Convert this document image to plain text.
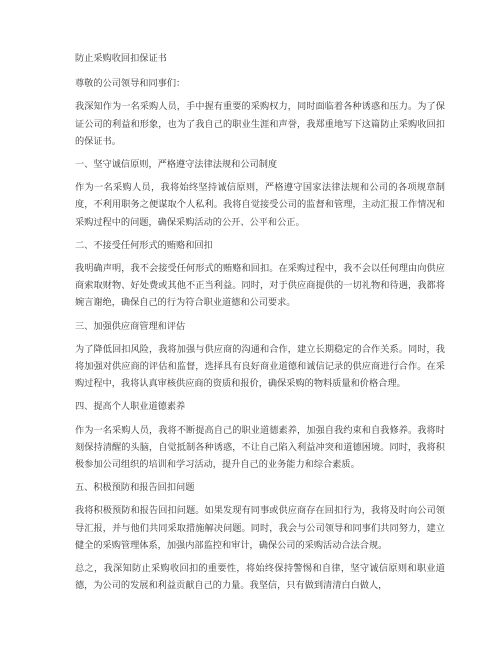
防止采购收回扣保证书

尊敬的公司领导和同事们：

我深知作为一名采购人员，手中握有重要的采购权力，同时面临着各种诱惑和压力。为了保证公司的利益和形象，也为了我自己的职业生涯和声誉，我郑重地写下这篇防止采购收回扣的保证书。

一、坚守诚信原则，严格遵守法律法规和公司制度

作为一名采购人员，我将始终坚持诚信原则，严格遵守国家法律法规和公司的各项规章制度，不利用职务之便谋取个人私利。我将自觉接受公司的监督和管理，主动汇报工作情况和采购过程中的问题，确保采购活动的公开、公平和公正。

二、不接受任何形式的贿赂和回扣

我明确声明，我不会接受任何形式的贿赂和回扣。在采购过程中，我不会以任何理由向供应商索取财物、好处费或其他不正当利益。同时，对于供应商提供的一切礼物和待遇，我都将婉言谢绝，确保自己的行为符合职业道德和公司要求。

三、加强供应商管理和评估

为了降低回扣风险，我将加强与供应商的沟通和合作，建立长期稳定的合作关系。同时，我将加强对供应商的评估和监督，选择具有良好商业道德和诚信记录的供应商进行合作。在采购过程中，我将认真审核供应商的资质和报价，确保采购的物料质量和价格合理。

四、提高个人职业道德素养

作为一名采购人员，我将不断提高自己的职业道德素养，加强自我约束和自我修养。我将时刻保持清醒的头脑，自觉抵制各种诱惑，不让自己陷入利益冲突和道德困境。同时，我将积极参加公司组织的培训和学习活动，提升自己的业务能力和综合素质。

五、积极预防和报告回扣问题

我将积极预防和报告回扣问题。如果发现有同事或供应商存在回扣行为，我将及时向公司领导汇报，并与他们共同采取措施解决问题。同时，我会与公司领导和同事们共同努力，建立健全的采购管理体系，加强内部监控和审计，确保公司的采购活动合法合规。

总之，我深知防止采购收回扣的重要性，将始终保持警惕和自律，坚守诚信原则和职业道德，为公司的发展和利益贡献自己的力量。我坚信，只有做到清清白白做人，
